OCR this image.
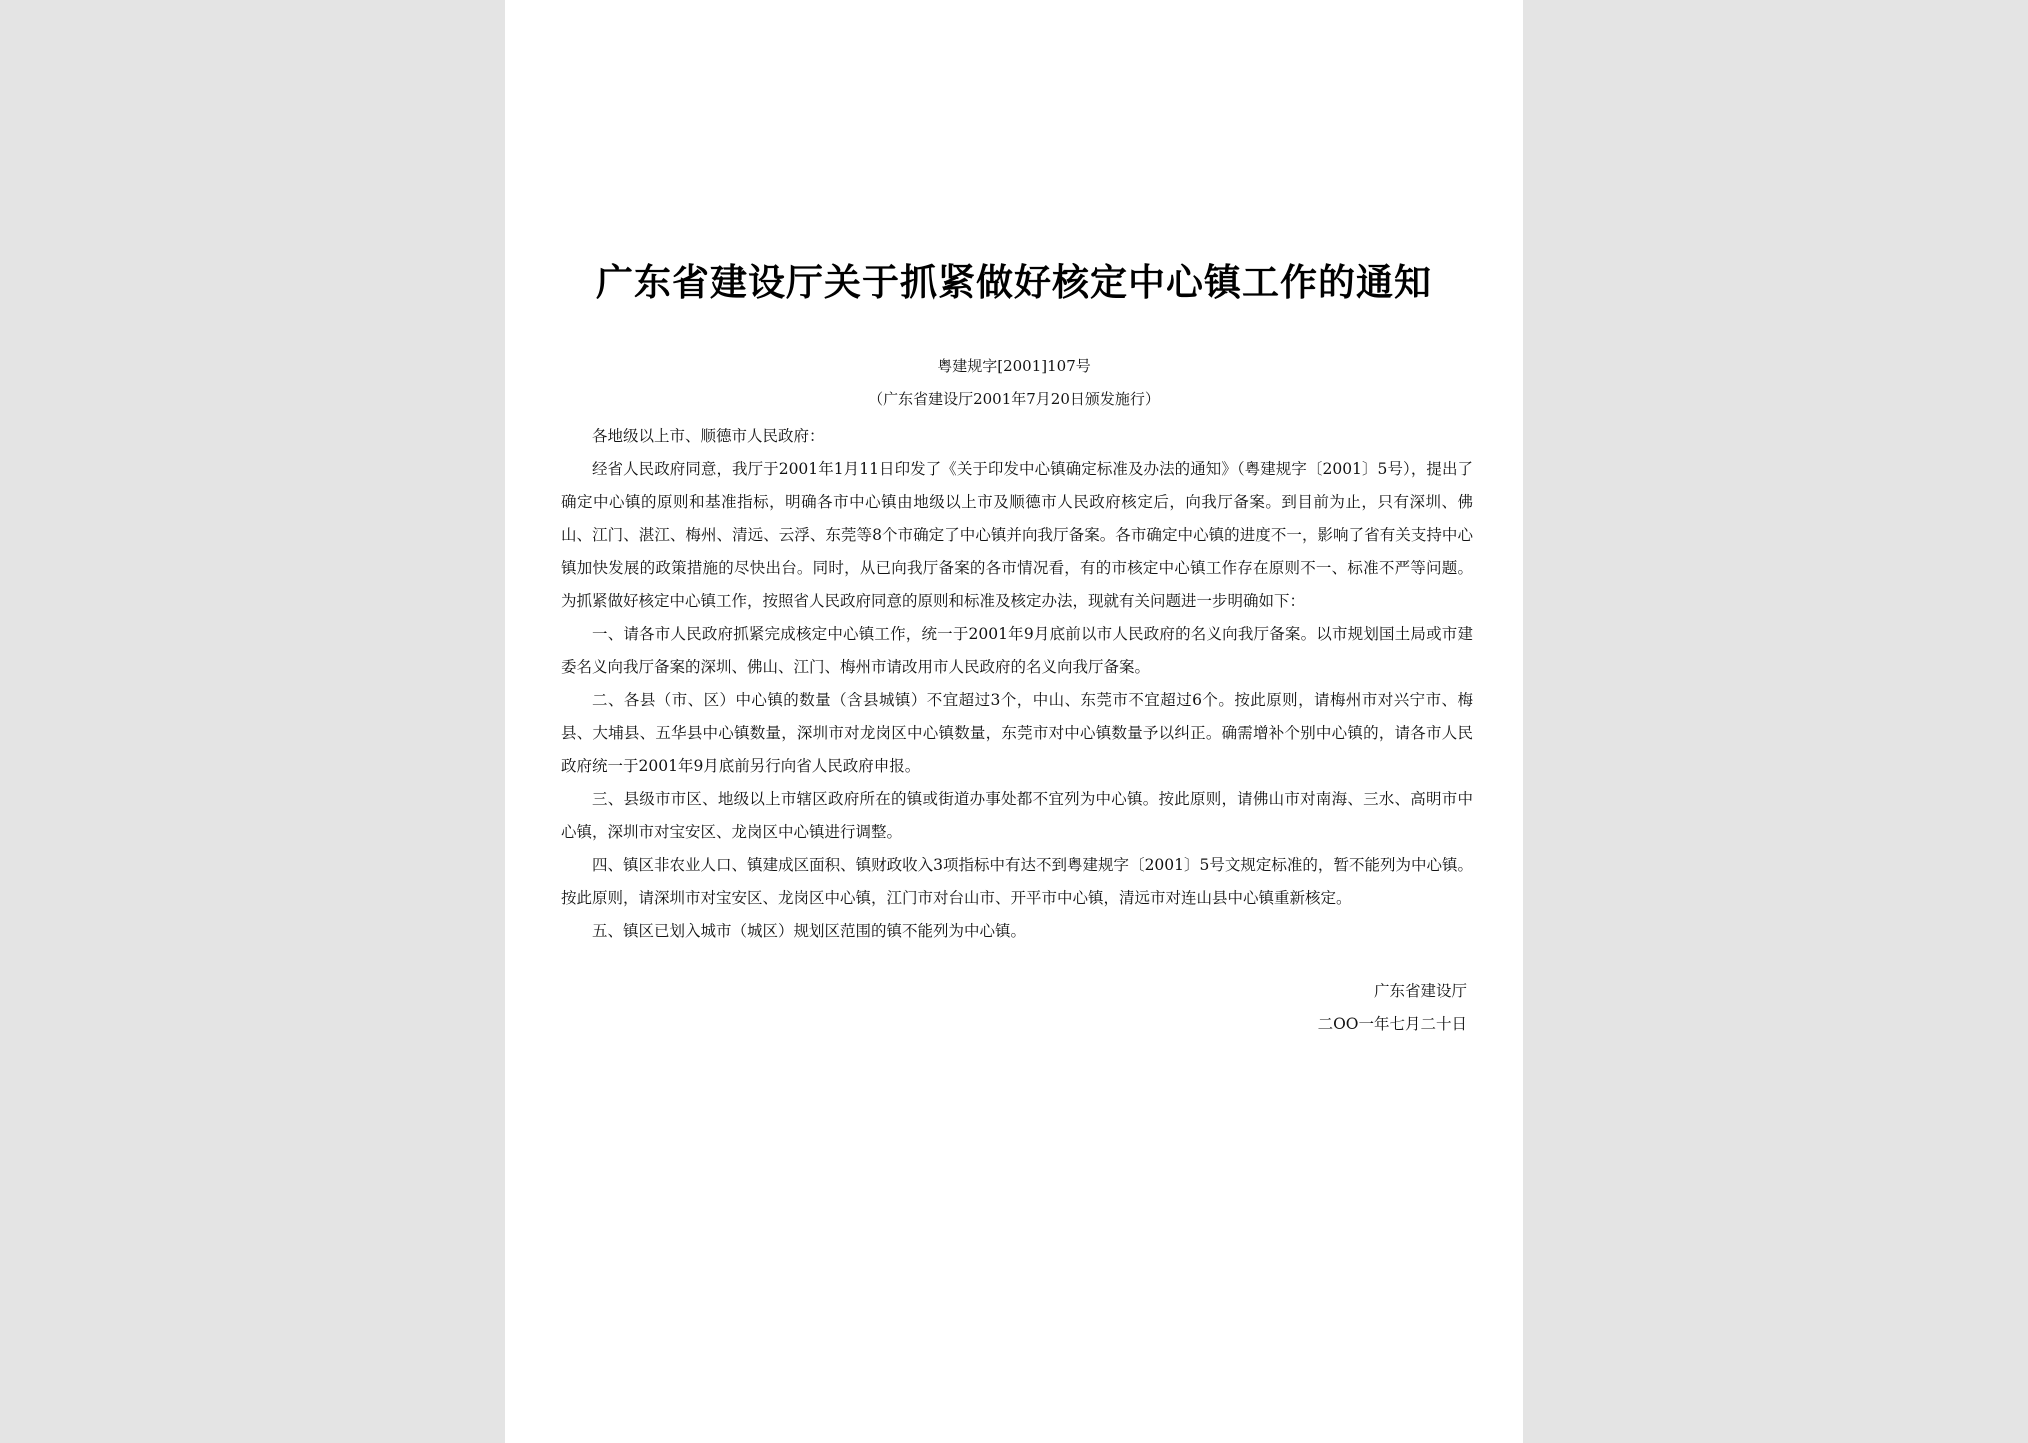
广东省建设厅关于抓紧做好核定中心镇工作的通知
粤建规字[2001]107号
（广东省建设厅2001年7月20日颁发施行）

各地级以上市、顺德市人民政府：

经省人民政府同意，我厅于2001年1月11日印发了《关于印发中心镇确定标准及办法的通知》（粤建规字〔2001〕5号），提出了确定中心镇的原则和基准指标，明确各市中心镇由地级以上市及顺德市人民政府核定后，向我厅备案。到目前为止，只有深圳、佛山、江门、湛江、梅州、清远、云浮、东莞等8个市确定了中心镇并向我厅备案。各市确定中心镇的进度不一，影响了省有关支持中心镇加快发展的政策措施的尽快出台。同时，从已向我厅备案的各市情况看，有的市核定中心镇工作存在原则不一、标准不严等问题。为抓紧做好核定中心镇工作，按照省人民政府同意的原则和标准及核定办法，现就有关问题进一步明确如下：

一、请各市人民政府抓紧完成核定中心镇工作，统一于2001年9月底前以市人民政府的名义向我厅备案。以市规划国土局或市建委名义向我厅备案的深圳、佛山、江门、梅州市请改用市人民政府的名义向我厅备案。

二、各县（市、区）中心镇的数量（含县城镇）不宜超过3个，中山、东莞市不宜超过6个。按此原则，请梅州市对兴宁市、梅县、大埔县、五华县中心镇数量，深圳市对龙岗区中心镇数量，东莞市对中心镇数量予以纠正。确需增补个别中心镇的，请各市人民政府统一于2001年9月底前另行向省人民政府申报。

三、县级市市区、地级以上市辖区政府所在的镇或街道办事处都不宜列为中心镇。按此原则，请佛山市对南海、三水、高明市中心镇，深圳市对宝安区、龙岗区中心镇进行调整。

四、镇区非农业人口、镇建成区面积、镇财政收入3项指标中有达不到粤建规字〔2001〕5号文规定标准的，暂不能列为中心镇。按此原则，请深圳市对宝安区、龙岗区中心镇，江门市对台山市、开平市中心镇，清远市对连山县中心镇重新核定。

五、镇区已划入城市（城区）规划区范围的镇不能列为中心镇。

广东省建设厅
二OO一年七月二十日
